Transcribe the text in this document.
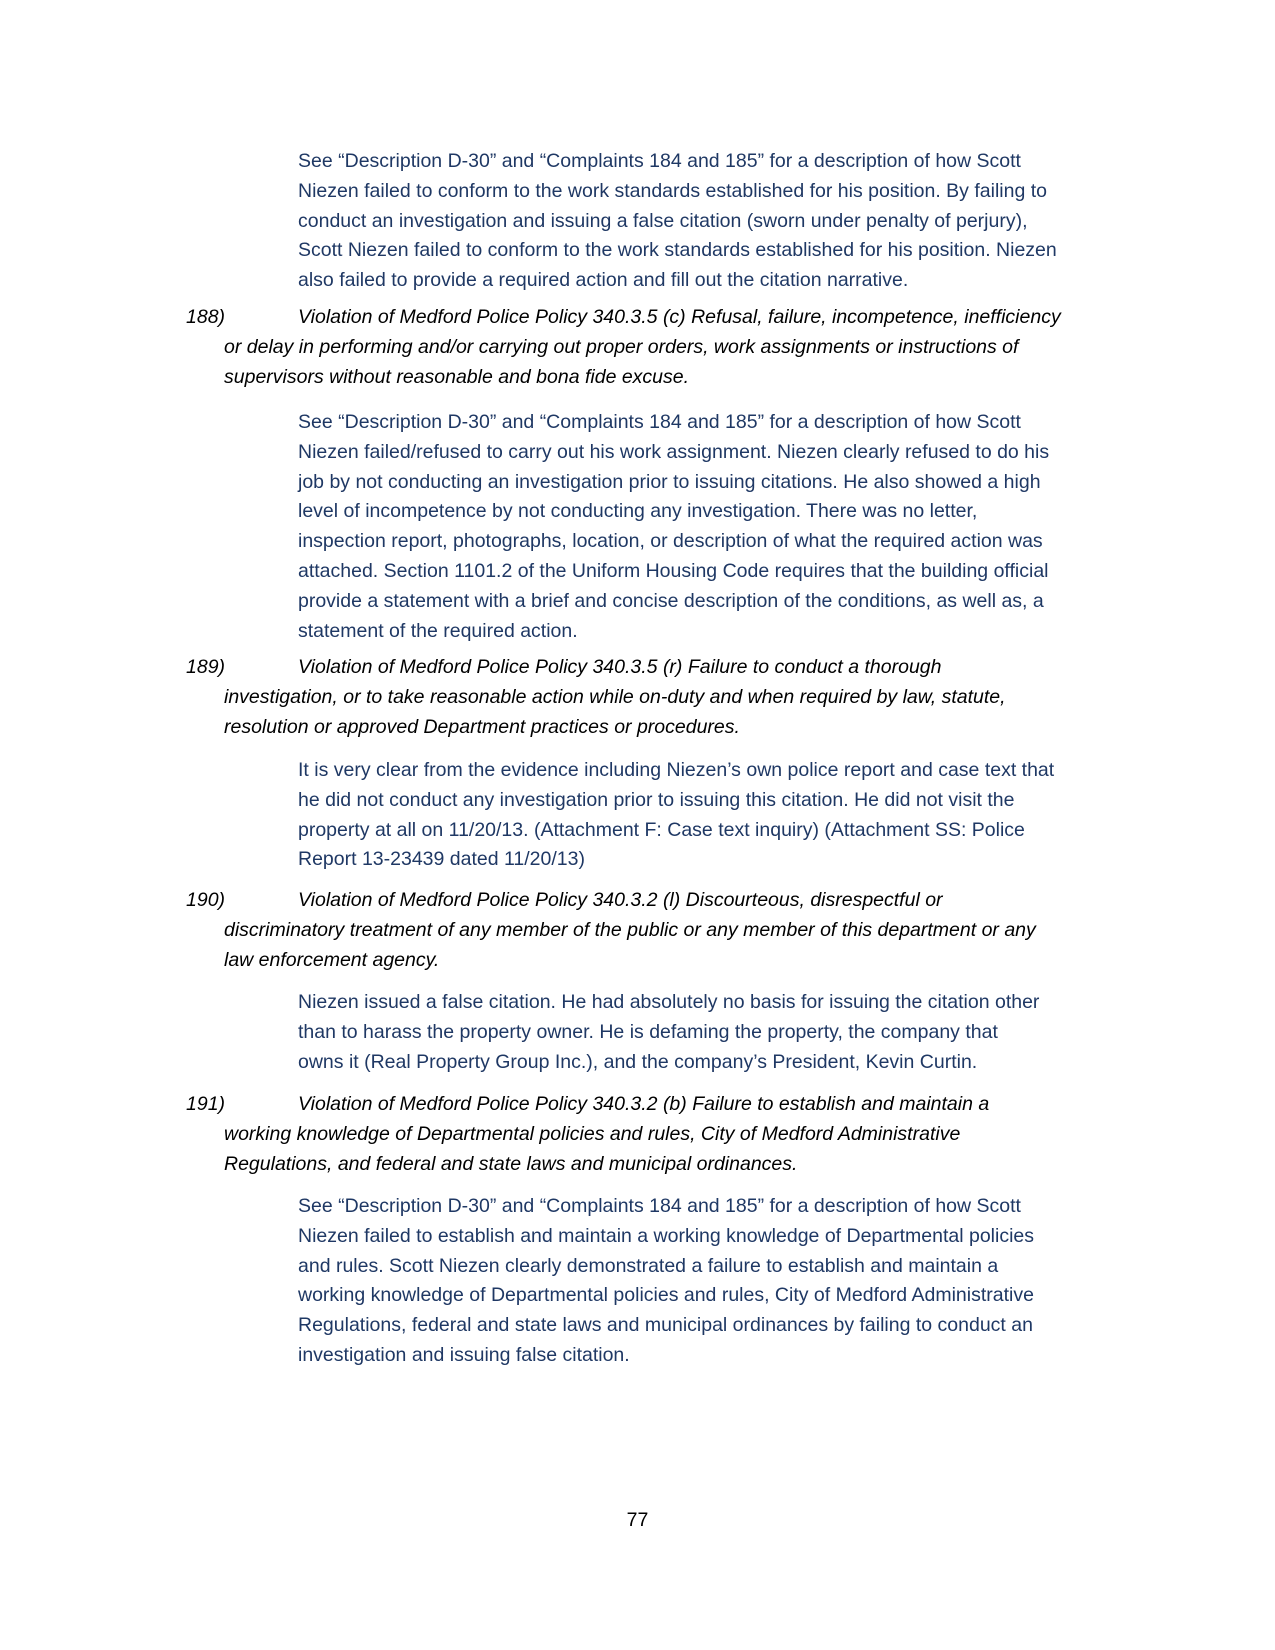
See “Description D-30” and “Complaints 184 and 185” for a description of how Scott
Niezen failed to conform to the work standards established for his position. By failing to
conduct an investigation and issuing a false citation (sworn under penalty of perjury),
Scott Niezen failed to conform to the work standards established for his position. Niezen
also failed to provide a required action and fill out the citation narrative.

188)	Violation of Medford Police Policy 340.3.5 (c) Refusal, failure, incompetence, inefficiency
or delay in performing and/or carrying out proper orders, work assignments or instructions of
supervisors without reasonable and bona fide excuse.

See “Description D-30” and “Complaints 184 and 185” for a description of how Scott
Niezen failed/refused to carry out his work assignment. Niezen clearly refused to do his
job by not conducting an investigation prior to issuing citations. He also showed a high
level of incompetence by not conducting any investigation. There was no letter,
inspection report, photographs, location, or description of what the required action was
attached. Section 1101.2 of the Uniform Housing Code requires that the building official
provide a statement with a brief and concise description of the conditions, as well as, a
statement of the required action.

189)	Violation of Medford Police Policy 340.3.5 (r) Failure to conduct a thorough
investigation, or to take reasonable action while on-duty and when required by law, statute,
resolution or approved Department practices or procedures.

It is very clear from the evidence including Niezen’s own police report and case text that
he did not conduct any investigation prior to issuing this citation. He did not visit the
property at all on 11/20/13. (Attachment F: Case text inquiry) (Attachment SS: Police
Report 13-23439 dated 11/20/13)

190)	Violation of Medford Police Policy 340.3.2 (l) Discourteous, disrespectful or
discriminatory treatment of any member of the public or any member of this department or any
law enforcement agency.

Niezen issued a false citation. He had absolutely no basis for issuing the citation other
than to harass the property owner. He is defaming the property, the company that
owns it (Real Property Group Inc.), and the company’s President, Kevin Curtin.

191)	Violation of Medford Police Policy 340.3.2 (b) Failure to establish and maintain a
working knowledge of Departmental policies and rules, City of Medford Administrative
Regulations, and federal and state laws and municipal ordinances.

See “Description D-30” and “Complaints 184 and 185” for a description of how Scott
Niezen failed to establish and maintain a working knowledge of Departmental policies
and rules. Scott Niezen clearly demonstrated a failure to establish and maintain a
working knowledge of Departmental policies and rules, City of Medford Administrative
Regulations, federal and state laws and municipal ordinances by failing to conduct an
investigation and issuing false citation.

77
